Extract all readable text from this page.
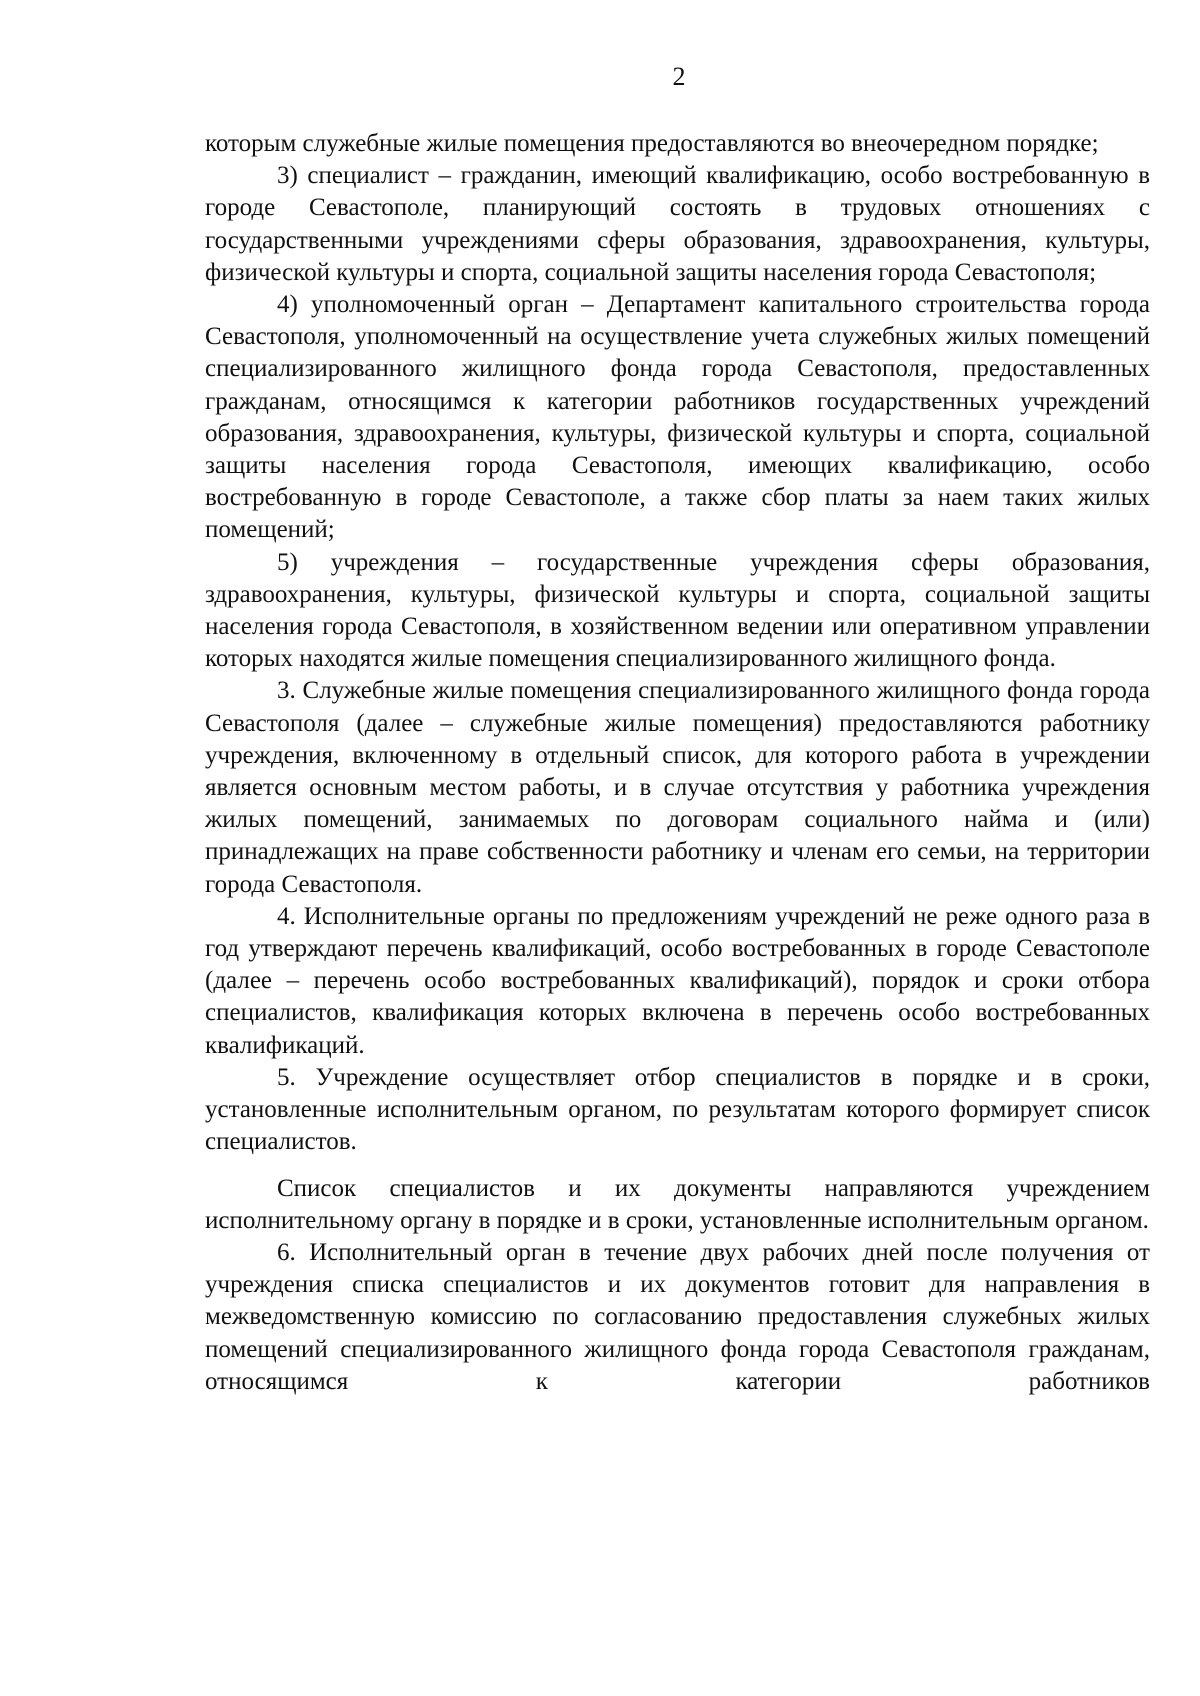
2

которым служебные жилые помещения предоставляются во внеочередном порядке;

3) специалист – гражданин, имеющий квалификацию, особо востребованную в городе Севастополе, планирующий состоять в трудовых отношениях с государственными учреждениями сферы образования, здравоохранения, культуры, физической культуры и спорта, социальной защиты населения города Севастополя;

4) уполномоченный орган – Департамент капитального строительства города Севастополя, уполномоченный на осуществление учета служебных жилых помещений специализированного жилищного фонда города Севастополя, предоставленных гражданам, относящимся к категории работников государственных учреждений образования, здравоохранения, культуры, физической культуры и спорта, социальной защиты населения города Севастополя, имеющих квалификацию, особо востребованную в городе Севастополе, а также сбор платы за наем таких жилых помещений;

5) учреждения – государственные учреждения сферы образования, здравоохранения, культуры, физической культуры и спорта, социальной защиты населения города Севастополя, в хозяйственном ведении или оперативном управлении которых находятся жилые помещения специализированного жилищного фонда.

3. Служебные жилые помещения специализированного жилищного фонда города Севастополя (далее – служебные жилые помещения) предоставляются работнику учреждения, включенному в отдельный список, для которого работа в учреждении является основным местом работы, и в случае отсутствия у работника учреждения жилых помещений, занимаемых по договорам социального найма и (или) принадлежащих на праве собственности работнику и членам его семьи, на территории города Севастополя.

4. Исполнительные органы по предложениям учреждений не реже одного раза в год утверждают перечень квалификаций, особо востребованных в городе Севастополе (далее – перечень особо востребованных квалификаций), порядок и сроки отбора специалистов, квалификация которых включена в перечень особо востребованных квалификаций.

5. Учреждение осуществляет отбор специалистов в порядке и в сроки, установленные исполнительным органом, по результатам которого формирует список специалистов.

Список специалистов и их документы направляются учреждением исполнительному органу в порядке и в сроки, установленные исполнительным органом.

6. Исполнительный орган в течение двух рабочих дней после получения от учреждения списка специалистов и их документов готовит для направления в межведомственную комиссию по согласованию предоставления служебных жилых помещений специализированного жилищного фонда города Севастополя гражданам, относящимся к категории работников
